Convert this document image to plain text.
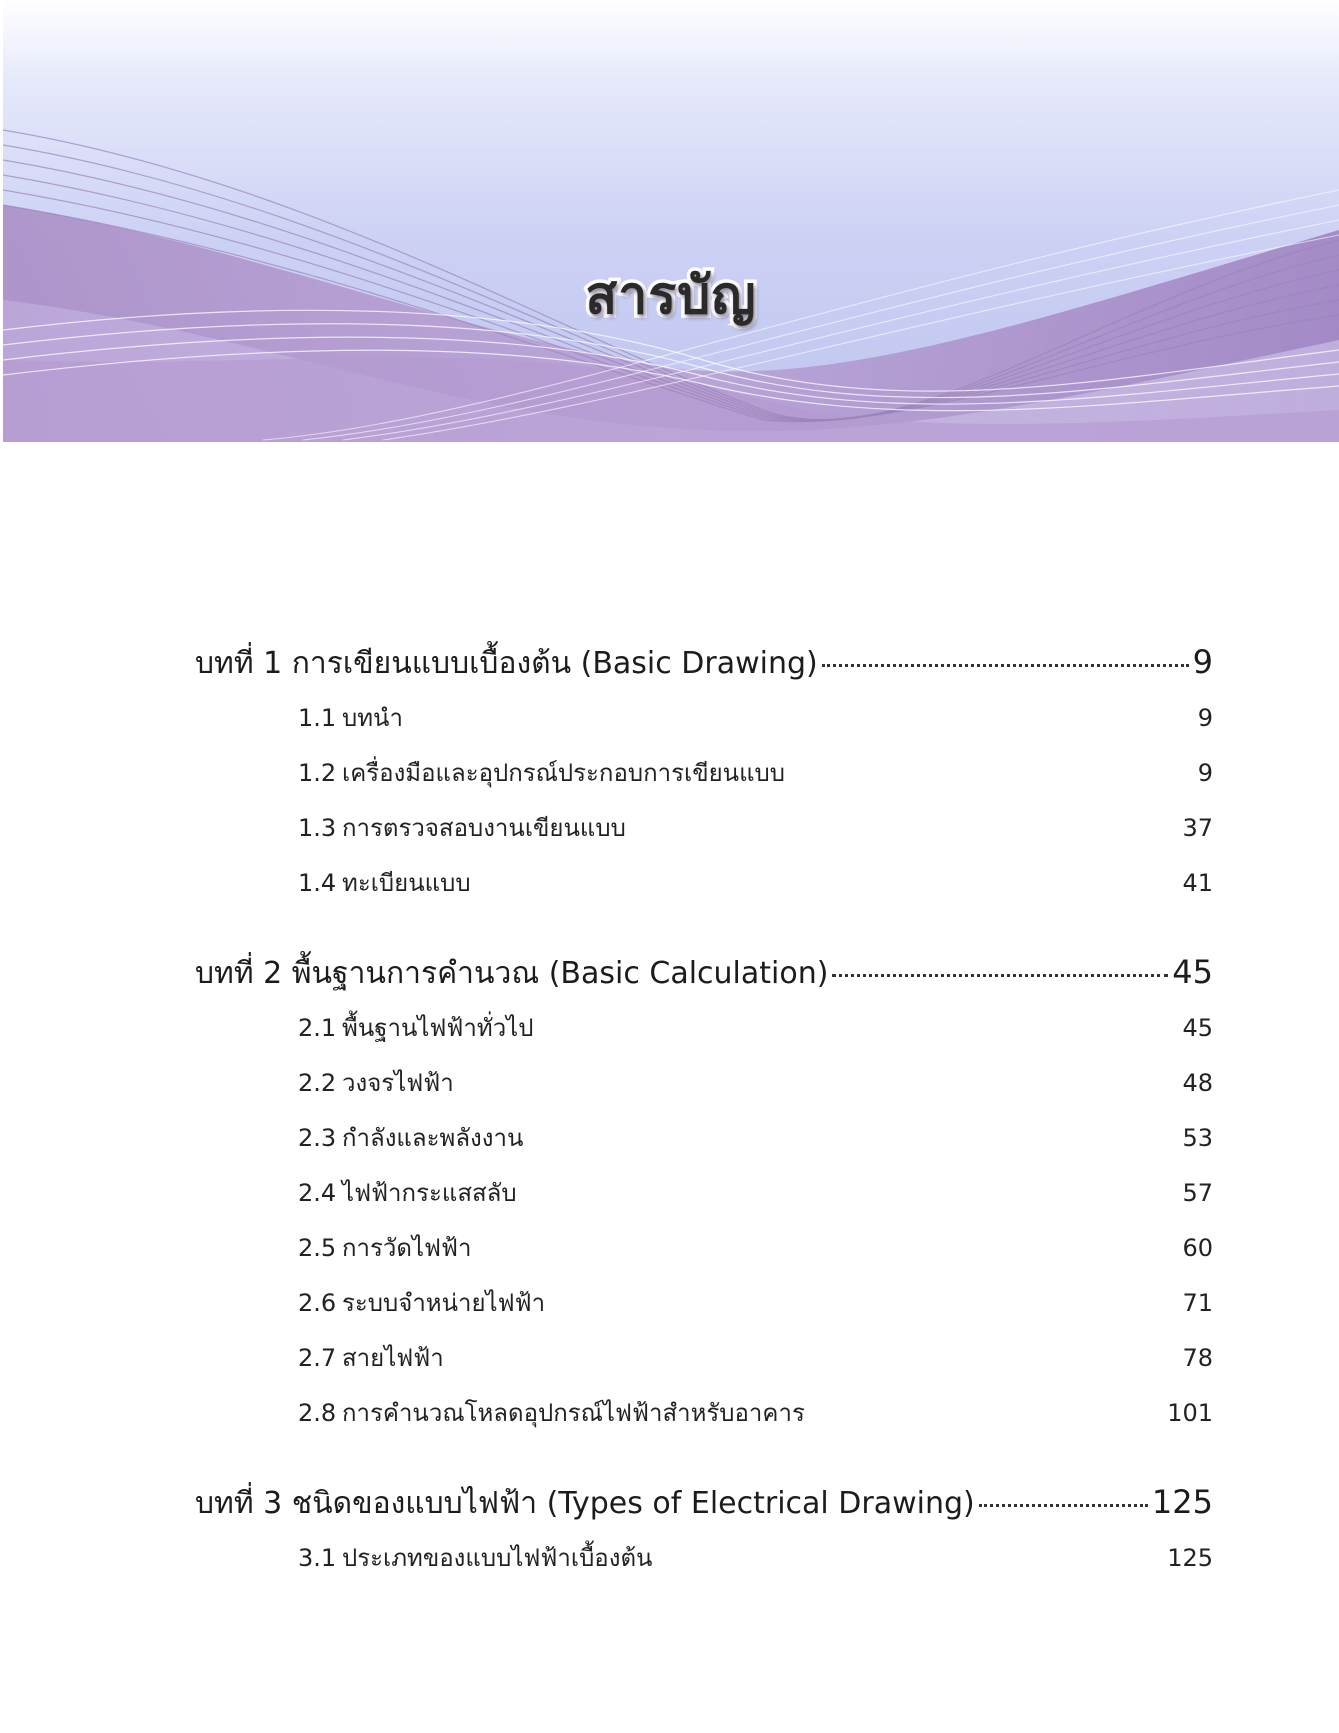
สารบัญ
บทที่ 1 การเขียนแบบเบื้องต้น (Basic Drawing)	9
1.1 บทนำ	9
1.2 เครื่องมือและอุปกรณ์ประกอบการเขียนแบบ	9
1.3 การตรวจสอบงานเขียนแบบ	37
1.4 ทะเบียนแบบ	41
บทที่ 2 พื้นฐานการคำนวณ (Basic Calculation)	45
2.1 พื้นฐานไฟฟ้าทั่วไป	45
2.2 วงจรไฟฟ้า	48
2.3 กำลังและพลังงาน	53
2.4 ไฟฟ้ากระแสสลับ	57
2.5 การวัดไฟฟ้า	60
2.6 ระบบจำหน่ายไฟฟ้า	71
2.7 สายไฟฟ้า	78
2.8 การคำนวณโหลดอุปกรณ์ไฟฟ้าสำหรับอาคาร	101
บทที่ 3 ชนิดของแบบไฟฟ้า (Types of Electrical Drawing)	125
3.1 ประเภทของแบบไฟฟ้าเบื้องต้น	125
